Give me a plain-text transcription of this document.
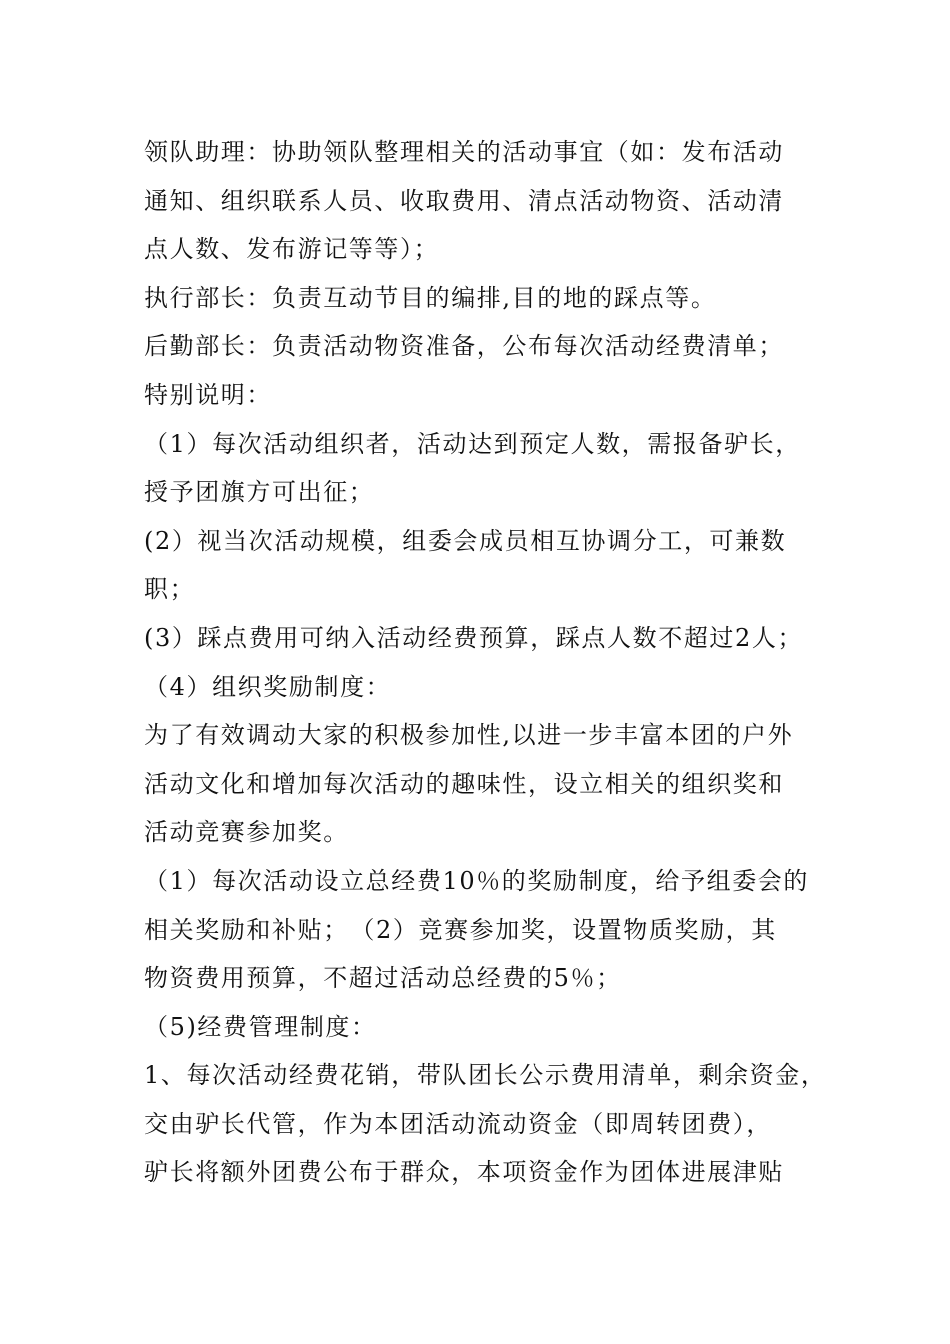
领队助理：协助领队整理相关的活动事宜（如：发布活动
通知、组织联系人员、收取费用、清点活动物资、活动清
点人数、发布游记等等）；
执行部长：负责互动节目的编排,目的地的踩点等。
后勤部长：负责活动物资准备，公布每次活动经费清单；
特别说明：
（1）每次活动组织者，活动达到预定人数，需报备驴长，
授予团旗方可出征；
(2）视当次活动规模，组委会成员相互协调分工，可兼数
职；
(3）踩点费用可纳入活动经费预算，踩点人数不超过2人；
（4）组织奖励制度：
为了有效调动大家的积极参加性,以进一步丰富本团的户外
活动文化和增加每次活动的趣味性，设立相关的组织奖和
活动竞赛参加奖。
（1）每次活动设立总经费10％的奖励制度，给予组委会的
相关奖励和补贴；　（2）竞赛参加奖，设置物质奖励，其
物资费用预算，不超过活动总经费的5％；
（5)经费管理制度：
1、每次活动经费花销，带队团长公示费用清单，剩余资金，
交由驴长代管，作为本团活动流动资金（即周转团费），
驴长将额外团费公布于群众，本项资金作为团体进展津贴
